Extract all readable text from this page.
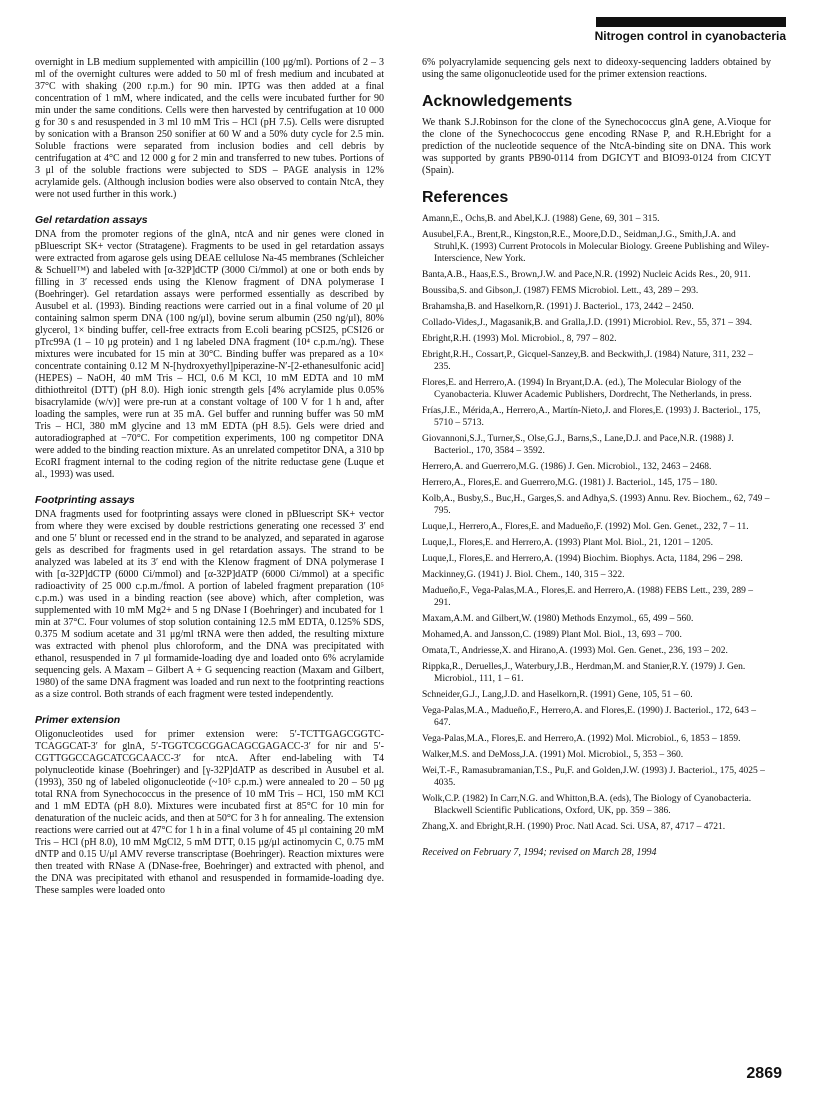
Nitrogen control in cyanobacteria

overnight in LB medium supplemented with ampicillin (100 μg/ml). Portions of 2 – 3 ml of the overnight cultures were added to 50 ml of fresh medium and incubated at 37°C with shaking (200 r.p.m.) for 90 min. IPTG was then added at a final concentration of 1 mM, where indicated, and the cells were incubated further for 90 min under the same conditions. Cells were then harvested by centrifugation at 10 000 g for 30 s and resuspended in 3 ml 10 mM Tris – HCl (pH 7.5). Cells were disrupted by sonication with a Branson 250 sonifier at 60 W and a 50% duty cycle for 2.5 min. Soluble fractions were separated from inclusion bodies and cell debris by centrifugation at 4°C and 12 000 g for 2 min and transferred to new tubes. Portions of 3 μl of the soluble fractions were subjected to SDS – PAGE analysis in 12% acrylamide gels. (Although inclusion bodies were also observed to contain NtcA, they were not used further in this work.)

Gel retardation assays

DNA from the promoter regions of the glnA, ntcA and nir genes were cloned in pBluescript SK+ vector (Stratagene). Fragments to be used in gel retardation assays were extracted from agarose gels using DEAE cellulose Na-45 membranes (Schleicher & Schuell™) and labeled with [α-32P]dCTP (3000 Ci/mmol) at one or both ends by filling in 3′ recessed ends using the Klenow fragment of DNA polymerase I (Boehringer). Gel retardation assays were performed essentially as described by Ausubel et al. (1993). Binding reactions were carried out in a final volume of 20 μl containing salmon sperm DNA (100 ng/μl), bovine serum albumin (250 ng/μl), 80% glycerol, 1× binding buffer, cell-free extracts from E.coli bearing pCSI25, pCSI26 or pTrc99A (1 – 10 μg protein) and 1 ng labeled DNA fragment (10⁴ c.p.m./ng). These mixtures were incubated for 15 min at 30°C. Binding buffer was prepared as a 10× concentrate containing 0.12 M N-[hydroxyethyl]piperazine-N′-[2-ethanesulfonic acid] (HEPES) – NaOH, 40 mM Tris – HCl, 0.6 M KCl, 10 mM EDTA and 10 mM dithiothreitol (DTT) (pH 8.0). High ionic strength gels [4% acrylamide plus 0.05% bisacrylamide (w/v)] were pre-run at a constant voltage of 100 V for 1 h and, after loading the samples, were run at 35 mA. Gel buffer and running buffer was 50 mM Tris – HCl, 380 mM glycine and 13 mM EDTA (pH 8.5). Gels were dried and autoradiographed at −70°C. For competition experiments, 100 ng competitor DNA were added to the binding reaction mixture. As an unrelated competitor DNA, a 310 bp EcoRI fragment internal to the coding region of the nitrite reductase gene (Luque et al., 1993) was used.

Footprinting assays

DNA fragments used for footprinting assays were cloned in pBluescript SK+ vector from where they were excised by double restrictions generating one recessed 3′ end and one 5′ blunt or recessed end in the strand to be analyzed, and separated in agarose gels as described for fragments used in gel retardation assays. The strand to be analyzed was labeled at its 3′ end with the Klenow fragment of DNA polymerase I with [α-32P]dCTP (6000 Ci/mmol) and [α-32P]dATP (6000 Ci/mmol) at a specific radioactivity of 25 000 c.p.m./fmol. A portion of labeled fragment preparation (10⁵ c.p.m.) was used in a binding reaction (see above) which, after completion, was supplemented with 10 mM Mg2+ and 5 ng DNase I (Boehringer) and incubated for 1 min at 37°C. Four volumes of stop solution containing 12.5 mM EDTA, 0.125% SDS, 0.375 M sodium acetate and 31 μg/ml tRNA were then added, the resulting mixture was extracted with phenol plus chloroform, and the DNA was precipitated with ethanol, resuspended in 7 μl formamide-loading dye and loaded onto 6% acrylamide sequencing gels. A Maxam – Gilbert A + G sequencing reaction (Maxam and Gilbert, 1980) of the same DNA fragment was loaded and run next to the footprinting reactions as a size control. Both strands of each fragment were tested independently.

Primer extension

Oligonucleotides used for primer extension were: 5′-TCTTGAGCGGTC-TCAGGCAT-3′ for glnA, 5′-TGGTCGCGGACAGCGAGACC-3′ for nir and 5′-CGTTGGCCAGCATCGCAACC-3′ for ntcA. After end-labeling with T4 polynucleotide kinase (Boehringer) and [γ-32P]dATP as described in Ausubel et al. (1993), 350 ng of labeled oligonucleotide (~10⁵ c.p.m.) were annealed to 20 – 50 μg total RNA from Synechococcus in the presence of 10 mM Tris – HCl, 150 mM KCl and 1 mM EDTA (pH 8.0). Mixtures were incubated first at 85°C for 10 min for denaturation of the nucleic acids, and then at 50°C for 3 h for annealing. The extension reactions were carried out at 47°C for 1 h in a final volume of 45 μl containing 20 mM Tris – HCl (pH 8.0), 10 mM MgCl2, 5 mM DTT, 0.15 μg/μl actinomycin C, 0.75 mM dNTP and 0.15 U/μl AMV reverse transcriptase (Boehringer). Reaction mixtures were then treated with RNase A (DNase-free, Boehringer) and extracted with phenol, and the DNA was precipitated with ethanol and resuspended in formamide-loading dye. These samples were loaded onto

6% polyacrylamide sequencing gels next to dideoxy-sequencing ladders obtained by using the same oligonucleotide used for the primer extension reactions.

Acknowledgements

We thank S.J.Robinson for the clone of the Synechococcus glnA gene, A.Vioque for the clone of the Synechococcus gene encoding RNase P, and R.H.Ebright for a prediction of the nucleotide sequence of the NtcA-binding site on DNA. This work was supported by grants PB90-0114 from DGICYT and BIO93-0124 from CICYT (Spain).

References
Amann,E., Ochs,B. and Abel,K.J. (1988) Gene, 69, 301 – 315.
Ausubel,F.A., Brent,R., Kingston,R.E., Moore,D.D., Seidman,J.G., Smith,J.A. and Struhl,K. (1993) Current Protocols in Molecular Biology. Greene Publishing and Wiley-Interscience, New York.
Banta,A.B., Haas,E.S., Brown,J.W. and Pace,N.R. (1992) Nucleic Acids Res., 20, 911.
Boussiba,S. and Gibson,J. (1987) FEMS Microbiol. Lett., 43, 289 – 293.
Brahamsha,B. and Haselkorn,R. (1991) J. Bacteriol., 173, 2442 – 2450.
Collado-Vides,J., Magasanik,B. and Gralla,J.D. (1991) Microbiol. Rev., 55, 371 – 394.
Ebright,R.H. (1993) Mol. Microbiol., 8, 797 – 802.
Ebright,R.H., Cossart,P., Gicquel-Sanzey,B. and Beckwith,J. (1984) Nature, 311, 232 – 235.
Flores,E. and Herrero,A. (1994) In Bryant,D.A. (ed.), The Molecular Biology of the Cyanobacteria. Kluwer Academic Publishers, Dordrecht, The Netherlands, in press.
Frías,J.E., Mérida,A., Herrero,A., Martín-Nieto,J. and Flores,E. (1993) J. Bacteriol., 175, 5710 – 5713.
Giovannoni,S.J., Turner,S., Olse,G.J., Barns,S., Lane,D.J. and Pace,N.R. (1988) J. Bacteriol., 170, 3584 – 3592.
Herrero,A. and Guerrero,M.G. (1986) J. Gen. Microbiol., 132, 2463 – 2468.
Herrero,A., Flores,E. and Guerrero,M.G. (1981) J. Bacteriol., 145, 175 – 180.
Kolb,A., Busby,S., Buc,H., Garges,S. and Adhya,S. (1993) Annu. Rev. Biochem., 62, 749 – 795.
Luque,I., Herrero,A., Flores,E. and Madueño,F. (1992) Mol. Gen. Genet., 232, 7 – 11.
Luque,I., Flores,E. and Herrero,A. (1993) Plant Mol. Biol., 21, 1201 – 1205.
Luque,I., Flores,E. and Herrero,A. (1994) Biochim. Biophys. Acta, 1184, 296 – 298.
Mackinney,G. (1941) J. Biol. Chem., 140, 315 – 322.
Madueño,F., Vega-Palas,M.A., Flores,E. and Herrero,A. (1988) FEBS Lett., 239, 289 – 291.
Maxam,A.M. and Gilbert,W. (1980) Methods Enzymol., 65, 499 – 560.
Mohamed,A. and Jansson,C. (1989) Plant Mol. Biol., 13, 693 – 700.
Omata,T., Andriesse,X. and Hirano,A. (1993) Mol. Gen. Genet., 236, 193 – 202.
Rippka,R., Deruelles,J., Waterbury,J.B., Herdman,M. and Stanier,R.Y. (1979) J. Gen. Microbiol., 111, 1 – 61.
Schneider,G.J., Lang,J.D. and Haselkorn,R. (1991) Gene, 105, 51 – 60.
Vega-Palas,M.A., Madueño,F., Herrero,A. and Flores,E. (1990) J. Bacteriol., 172, 643 – 647.
Vega-Palas,M.A., Flores,E. and Herrero,A. (1992) Mol. Microbiol., 6, 1853 – 1859.
Walker,M.S. and DeMoss,J.A. (1991) Mol. Microbiol., 5, 353 – 360.
Wei,T.-F., Ramasubramanian,T.S., Pu,F. and Golden,J.W. (1993) J. Bacteriol., 175, 4025 – 4035.
Wolk,C.P. (1982) In Carr,N.G. and Whitton,B.A. (eds), The Biology of Cyanobacteria. Blackwell Scientific Publications, Oxford, UK, pp. 359 – 386.
Zhang,X. and Ebright,R.H. (1990) Proc. Natl Acad. Sci. USA, 87, 4717 – 4721.
Received on February 7, 1994; revised on March 28, 1994
2869
